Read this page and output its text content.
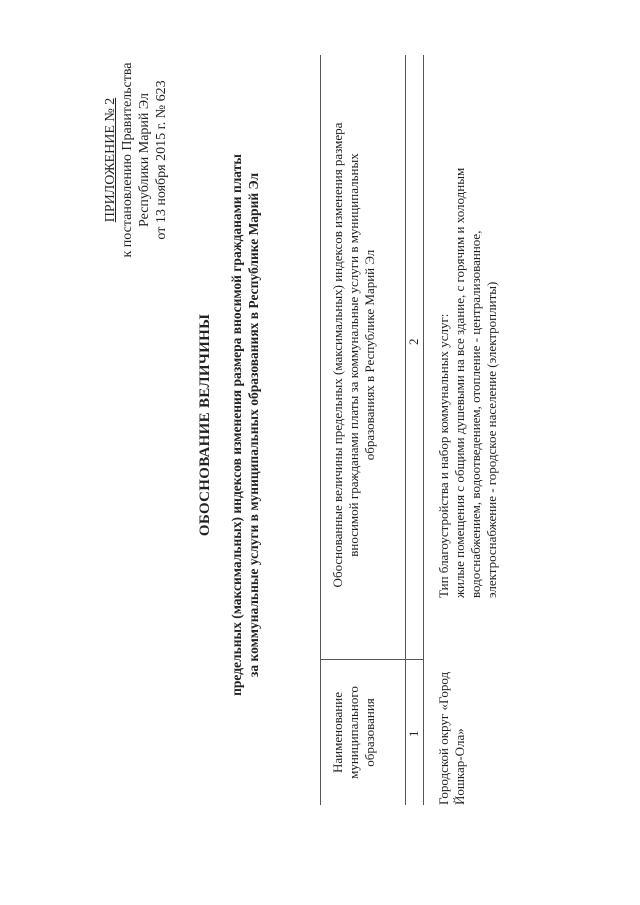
ПРИЛОЖЕНИЕ № 2 к постановлению Правительства Республики Марий Эл от 13 ноября 2015 г. № 623
ОБОСНОВАНИЕ ВЕЛИЧИНЫ предельных (максимальных) индексов изменения размера вносимой гражданами платы за коммунальные услуги в муниципальных образованиях в Республике Марий Эл
Наименование муниципального образования
Обоснованные величины предельных (максимальных) индексов изменения размера вносимой гражданами платы за коммунальные услуги в муниципальных образованиях в Республике Марий Эл
1
2
Городской округ «Город Йошкар-Ола»
Тип благоустройства и набор коммунальных услуг: жилые помещения с общими душевыми на все здание, с горячим и холодным водоснабжением, водоотведением, отопление - централизованное, электроснабжение - городское население (электроплиты)
